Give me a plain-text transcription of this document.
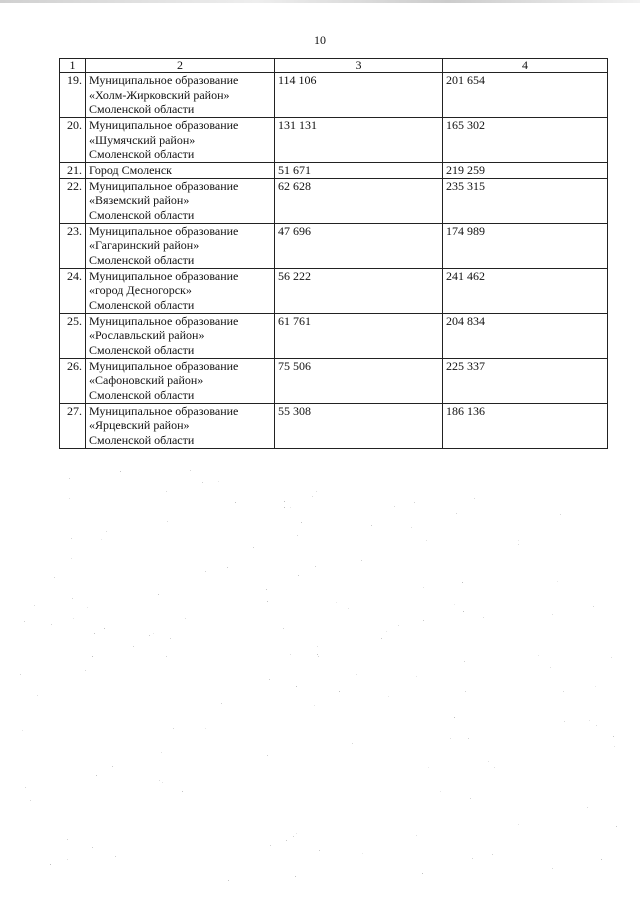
10
1	2	3	4
19.	Муниципальное образование
«Холм-Жирковский район»
Смоленской области	114 106	201 654
20.	Муниципальное образование
«Шумячский район»
Смоленской области	131 131	165 302
21.	Город Смоленск	51 671	219 259
22.	Муниципальное образование
«Вяземский район»
Смоленской области	62 628	235 315
23.	Муниципальное образование
«Гагаринский район»
Смоленской области	47 696	174 989
24.	Муниципальное образование
«город Десногорск»
Смоленской области	56 222	241 462
25.	Муниципальное образование
«Рославльский район»
Смоленской области	61 761	204 834
26.	Муниципальное образование
«Сафоновский район»
Смоленской области	75 506	225 337
27.	Муниципальное образование
«Ярцевский район»
Смоленской области	55 308	186 136
